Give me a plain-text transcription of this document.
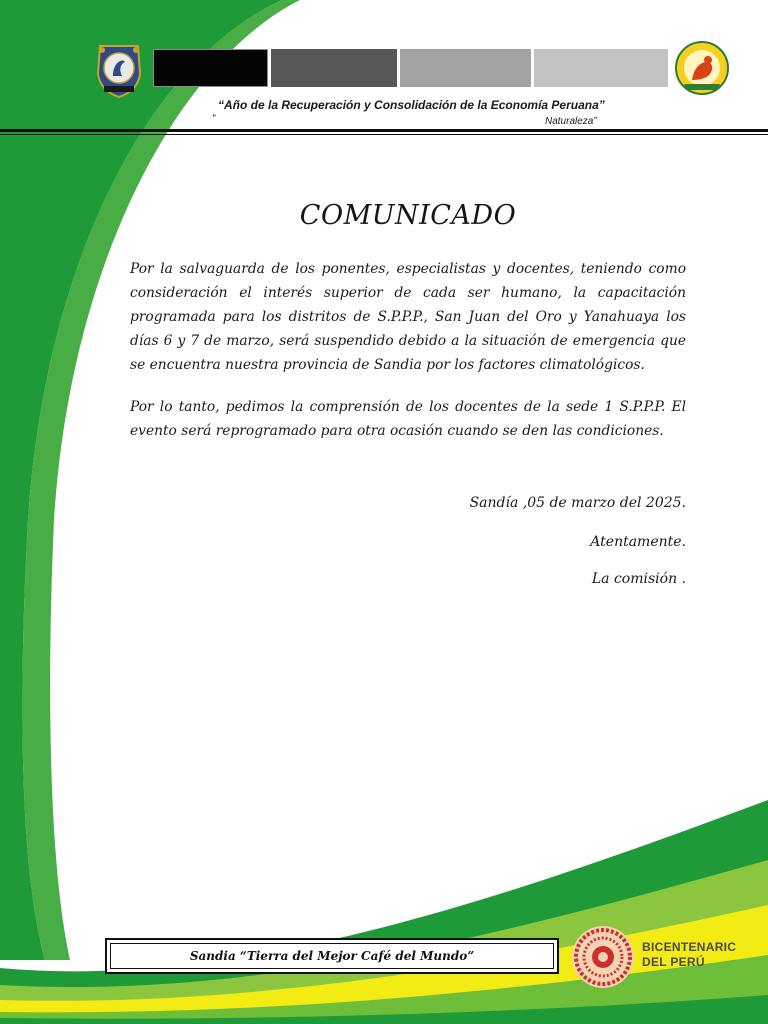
“Año de la Recuperación y Consolidación de la Economía Peruana”
“	Naturaleza”
COMUNICADO

Por la salvaguarda de los ponentes, especialistas y docentes, teniendo como consideración el interés superior de cada ser humano, la capacitación programada para los distritos de S.P.P.P., San Juan del Oro y Yanahuaya los días 6 y 7 de marzo, será suspendido debido a la situación de emergencia que se encuentra nuestra provincia de Sandia por los factores climatológicos.

Por lo tanto, pedimos la comprensión de los docentes de la sede 1 S.P.P.P. El evento será reprogramado para otra ocasión cuando se den las condiciones.

Sandía ,05 de marzo del 2025.
Atentamente.
La comisión .
Sandia “Tierra del Mejor Café del Mundo”
BICENTENARIC
DEL PERÚ
